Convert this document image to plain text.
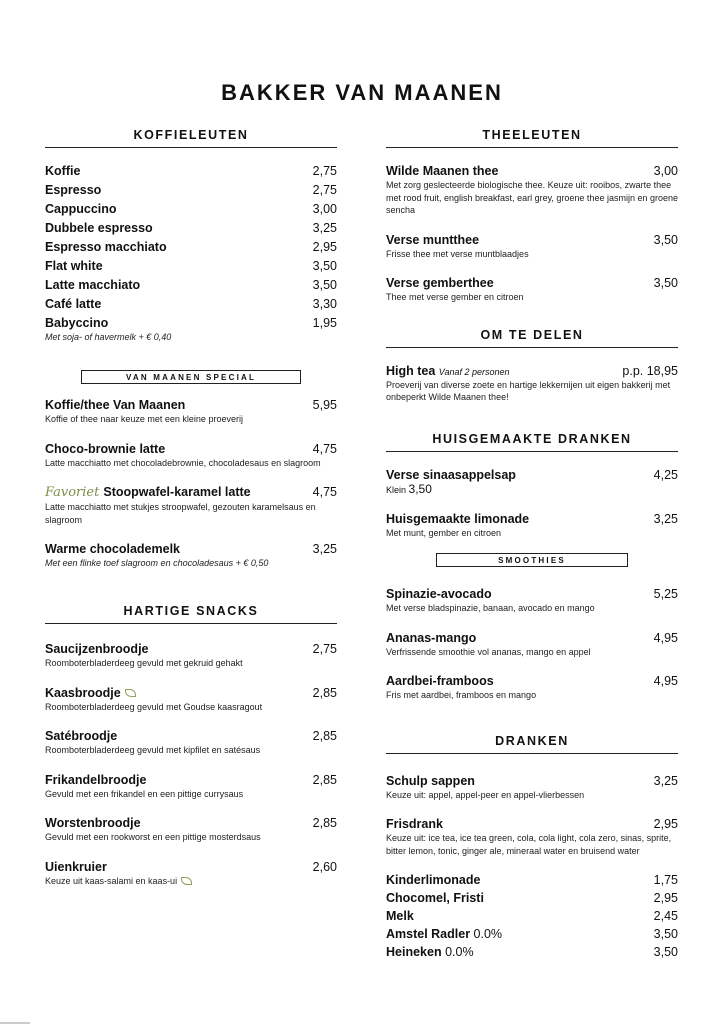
BAKKER VAN MAANEN
KOFFIELEUTEN
Koffie	2,75
Espresso	2,75
Cappuccino	3,00
Dubbele espresso	3,25
Espresso macchiato	2,95
Flat white	3,50
Latte macchiato	3,50
Café latte	3,30
Babyccino	1,95
Met soja- of havermelk + € 0,40
VAN MAANEN SPECIAL
Koffie/thee Van Maanen	5,95
Koffie of thee naar keuze met een kleine proeverij
Choco-brownie latte	4,75
Latte macchiatto met chocoladebrownie, chocoladesaus en slagroom
Favoriet Stoopwafel-karamel latte	4,75
Latte macchiatto met stukjes stroopwafel, gezouten karamelsaus en slagroom
Warme chocolademelk	3,25
Met een flinke toef slagroom en chocoladesaus + € 0,50
HARTIGE SNACKS
Saucijzenbroodje	2,75
Roomboterbladerdeeg gevuld met gekruid gehakt
Kaasbroodje	2,85
Roomboterbladerdeeg gevuld met Goudse kaasragout
Satébroodje	2,85
Roomboterbladerdeeg gevuld met kipfilet en satésaus
Frikandelbroodje	2,85
Gevuld met een frikandel en een pittige currysaus
Worstenbroodje	2,85
Gevuld met een rookworst en een pittige mosterdsaus
Uienkruier	2,60
Keuze uit kaas-salami en kaas-ui
THEELEUTEN
Wilde Maanen thee	3,00
Met zorg geslecteerde biologische thee. Keuze uit: rooibos, zwarte thee met rood fruit, english breakfast, earl grey, groene thee jasmijn en groene sencha
Verse muntthee	3,50
Frisse thee met verse muntblaadjes
Verse gemberthee	3,50
Thee met verse gember en citroen
OM TE DELEN
High tea Vanaf 2 personen	p.p. 18,95
Proeverij van diverse zoete en hartige lekkernijen uit eigen bakkerij met onbeperkt Wilde Maanen thee!
HUISGEMAAKTE DRANKEN
Verse sinaasappelsap	4,25
Klein 3,50
Huisgemaakte limonade	3,25
Met munt, gember en citroen
SMOOTHIES
Spinazie-avocado	5,25
Met verse bladspinazie, banaan, avocado en mango
Ananas-mango	4,95
Verfrissende smoothie vol ananas, mango en appel
Aardbei-framboos	4,95
Fris met aardbei, framboos en mango
DRANKEN
Schulp sappen	3,25
Keuze uit: appel, appel-peer en appel-vlierbessen
Frisdrank	2,95
Keuze uit: ice tea, ice tea green, cola, cola light, cola zero, sinas, sprite, bitter lemon, tonic, ginger ale, mineraal water en bruisend water
Kinderlimonade	1,75
Chocomel, Fristi	2,95
Melk	2,45
Amstel Radler 0.0%	3,50
Heineken 0.0%	3,50
